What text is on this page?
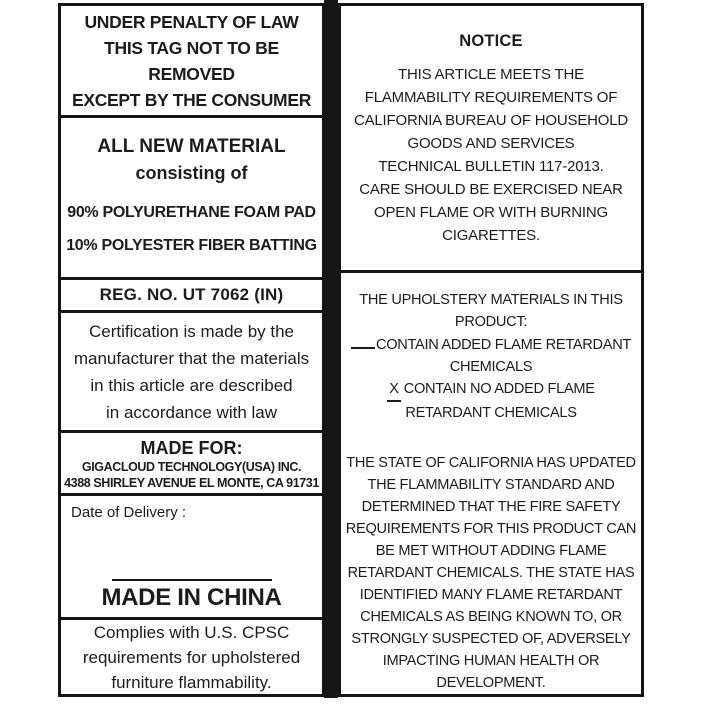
UNDER PENALTY OF LAW
THIS TAG NOT TO BE REMOVED
EXCEPT BY THE CONSUMER
ALL NEW MATERIAL
consisting of
90% POLYURETHANE FOAM PAD
10% POLYESTER FIBER BATTING
REG. NO. UT 7062 (IN)
Certification is made by the
manufacturer that the materials
in this article are described
in accordance with law
MADE FOR:
GIGACLOUD TECHNOLOGY(USA) INC.
4388 SHIRLEY AVENUE EL MONTE, CA 91731
Date of Delivery :
MADE IN CHINA
Complies with U.S. CPSC
requirements for upholstered
furniture flammability.
NOTICE
THIS ARTICLE MEETS THE
FLAMMABILITY REQUIREMENTS OF
CALIFORNIA BUREAU OF HOUSEHOLD
GOODS AND SERVICES
TECHNICAL BULLETIN 117-2013.
CARE SHOULD BE EXERCISED NEAR
OPEN FLAME OR WITH BURNING
CIGARETTES.
THE UPHOLSTERY MATERIALS IN THIS
PRODUCT:
CONTAIN ADDED FLAME RETARDANT
CHEMICALS
X CONTAIN NO ADDED FLAME
RETARDANT CHEMICALS
THE STATE OF CALIFORNIA HAS UPDATED
THE FLAMMABILITY STANDARD AND
DETERMINED THAT THE FIRE SAFETY
REQUIREMENTS FOR THIS PRODUCT CAN
BE MET WITHOUT ADDING FLAME
RETARDANT CHEMICALS. THE STATE HAS
IDENTIFIED MANY FLAME RETARDANT
CHEMICALS AS BEING KNOWN TO, OR
STRONGLY SUSPECTED OF, ADVERSELY
IMPACTING HUMAN HEALTH OR
DEVELOPMENT.
